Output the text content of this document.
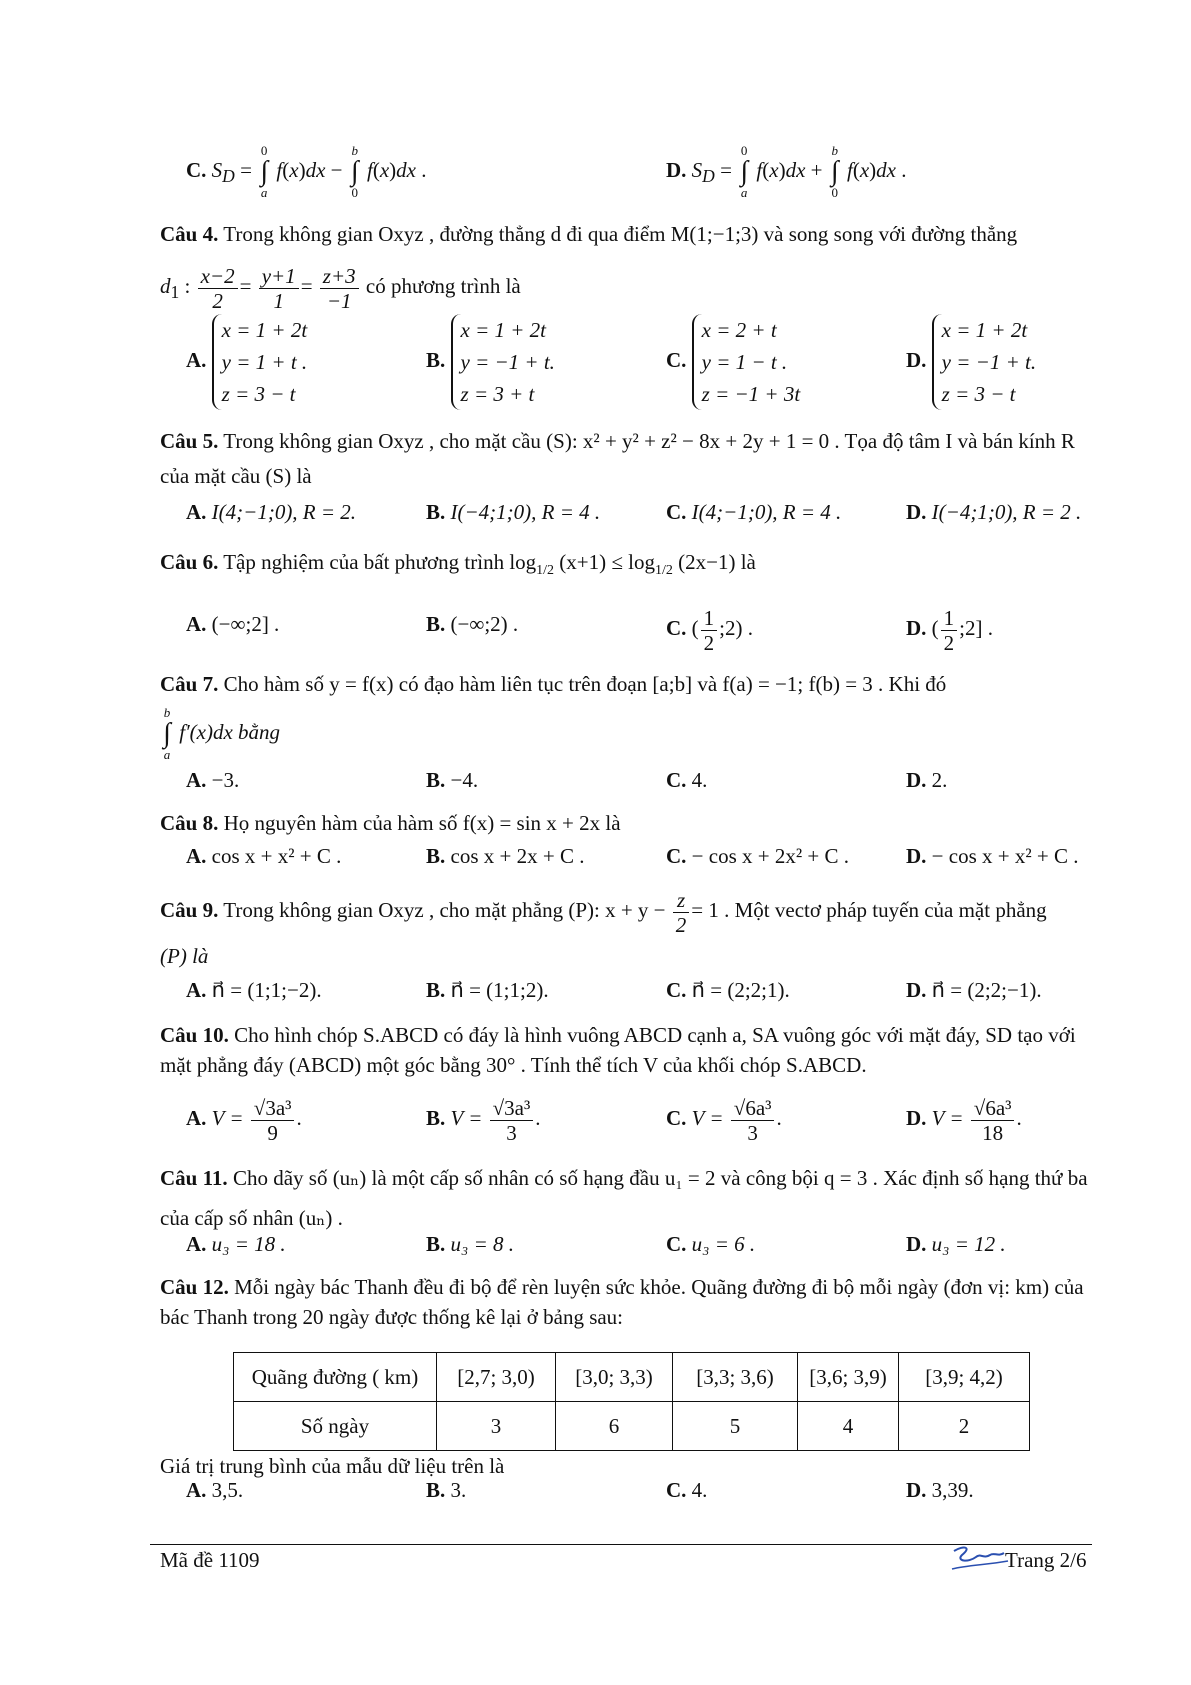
C. $S_D = 0$
∫
a f(x)dx − b
∫
0 f(x)dx .	D. $S_D = 0$
∫
a f(x)dx + b
∫
0 f(x)dx .
Câu 4. Trong không gian Oxyz , đường thẳng d đi qua điểm M(1;−1;3) và song song với đường thẳng
$d_1$ : $\frac{x-2}{2} = \frac{y+1}{1} = \frac{z+3}{-1}$ có phương trình là
A.
x = 1 + 2t
y = 1 + t .
z = 3 − t
B.
x = 1 + 2t
y = −1 + t.
z = 3 + t
C.
x = 2 + t
y = 1 − t .
z = −1 + 3t
D.
x = 1 + 2t
y = −1 + t.
z = 3 − t
Câu 5. Trong không gian Oxyz , cho mặt cầu (S): x² + y² + z² − 8x + 2y + 1 = 0 . Tọa độ tâm I và bán kính R của mặt cầu (S) là
A. I(4;−1;0), R = 2.	B. I(−4;1;0), R = 4 .	C. I(4;−1;0), R = 4 .	D. I(−4;1;0), R = 2 .
Câu 6. Tập nghiệm của bất phương trình $\log_{1/2} (x+1) \le \log_{1/2} (2x-1)$ là
A. (−∞;2] .	B. (−∞;2) .	C. ( $\frac{1}{2}$ ;2) .	D. ( $\frac{1}{2}$ ;2] .
Câu 7. Cho hàm số y = f(x) có đạo hàm liên tục trên đoạn [a;b] và f(a) = −1; f(b) = 3 . Khi đó
b
∫
a f′(x)dx bằng
A. −3.	B. −4.	C. 4.	D. 2.
Câu 8. Họ nguyên hàm của hàm số f(x) = sin x + 2x là
A. cos x + x² + C .	B. cos x + 2x + C .	C. − cos x + 2x² + C .	D. − cos x + x² + C .
Câu 9. Trong không gian Oxyz , cho mặt phẳng (P): $x + y - \frac{z}{2} = 1$ . Một vectơ pháp tuyến của mặt phẳng
(P) là
A. n⃗ = (1;1;−2).	B. n⃗ = (1;1;2).	C. n⃗ = (2;2;1).	D. n⃗ = (2;2;−1).
Câu 10. Cho hình chóp S.ABCD có đáy là hình vuông ABCD cạnh a, SA vuông góc với mặt đáy, SD tạo với mặt phẳng đáy (ABCD) một góc bằng 30° . Tính thể tích V của khối chóp S.ABCD.
A. $V = \frac{\text{√3a³}}{9}$ .	B. $V = \frac{\text{√3a³}}{3}$ .	C. $V = \frac{\text{√6a³}}{3}$ .	D. $V = \frac{\text{√6a³}}{18}$ .
Câu 11. Cho dãy số (uₙ) là một cấp số nhân có số hạng đầu u₁ = 2 và công bội q = 3 . Xác định số hạng thứ ba của cấp số nhân (uₙ) .
A. u₃ = 18 .	B. u₃ = 8 .	C. u₃ = 6 .	D. u₃ = 12 .
Câu 12. Mỗi ngày bác Thanh đều đi bộ để rèn luyện sức khỏe. Quãng đường đi bộ mỗi ngày (đơn vị: km) của bác Thanh trong 20 ngày được thống kê lại ở bảng sau:
Quãng đường ( km)	[2,7; 3,0)	[3,0; 3,3)	[3,3; 3,6)	[3,6; 3,9)	[3,9; 4,2)
Số ngày	3	6	5	4	2
Giá trị trung bình của mẫu dữ liệu trên là
A. 3,5.	B. 3.	C. 4.	D. 3,39.
Mã đề 1109	Trang 2/6
